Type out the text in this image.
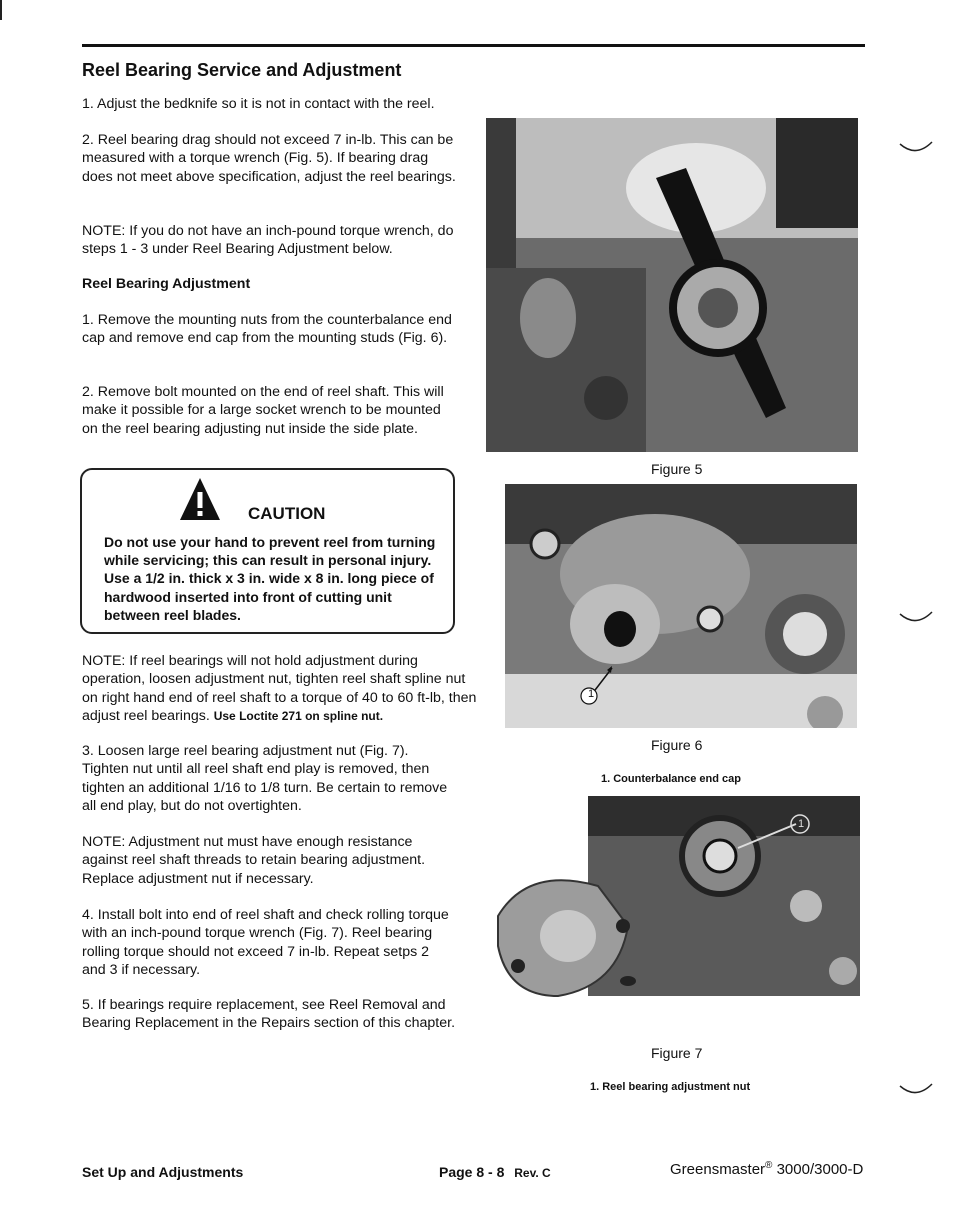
Reel Bearing Service and Adjustment
1. Adjust the bedknife so it is not in contact with the reel.
2. Reel bearing drag should not exceed 7 in-lb. This can be measured with a torque wrench (Fig. 5). If bearing drag does not meet above specification, adjust the reel bearings.
NOTE: If you do not have an inch-pound torque wrench, do steps 1 - 3 under Reel Bearing Adjustment below.
Reel Bearing Adjustment
1. Remove the mounting nuts from the counterbalance end cap and remove end cap from the mounting studs (Fig. 6).
2. Remove bolt mounted on the end of reel shaft. This will make it possible for a large socket wrench to be mounted on the reel bearing adjusting nut inside the side plate.
CAUTION
Do not use your hand to prevent reel from turning while servicing; this can result in personal injury. Use a 1/2 in. thick x 3 in. wide x 8 in. long piece of hardwood inserted into front of cutting unit between reel blades.
NOTE: If reel bearings will not hold adjustment during operation, loosen adjustment nut, tighten reel shaft spline nut on right hand end of reel shaft to a torque of 40 to 60 ft-lb, then adjust reel bearings. Use Loctite 271 on spline nut.
3. Loosen large reel bearing adjustment nut (Fig. 7). Tighten nut until all reel shaft end play is removed, then tighten an additional 1/16 to 1/8 turn. Be certain to remove all end play, but do not overtighten.
NOTE: Adjustment nut must have enough resistance against reel shaft threads to retain bearing adjustment. Replace adjustment nut if necessary.
4. Install bolt into end of reel shaft and check rolling torque with an inch-pound torque wrench (Fig. 7). Reel bearing rolling torque should not exceed 7 in-lb. Repeat setps 2 and 3 if necessary.
5. If bearings require replacement, see Reel Removal and Bearing Replacement in the Repairs section of this chapter.
Figure 5
1
Figure 6
1. Counterbalance end cap
1
Figure 7
1. Reel bearing adjustment nut
Set Up and Adjustments	Page 8 - 8 Rev. C	Greensmaster® 3000/3000-D
